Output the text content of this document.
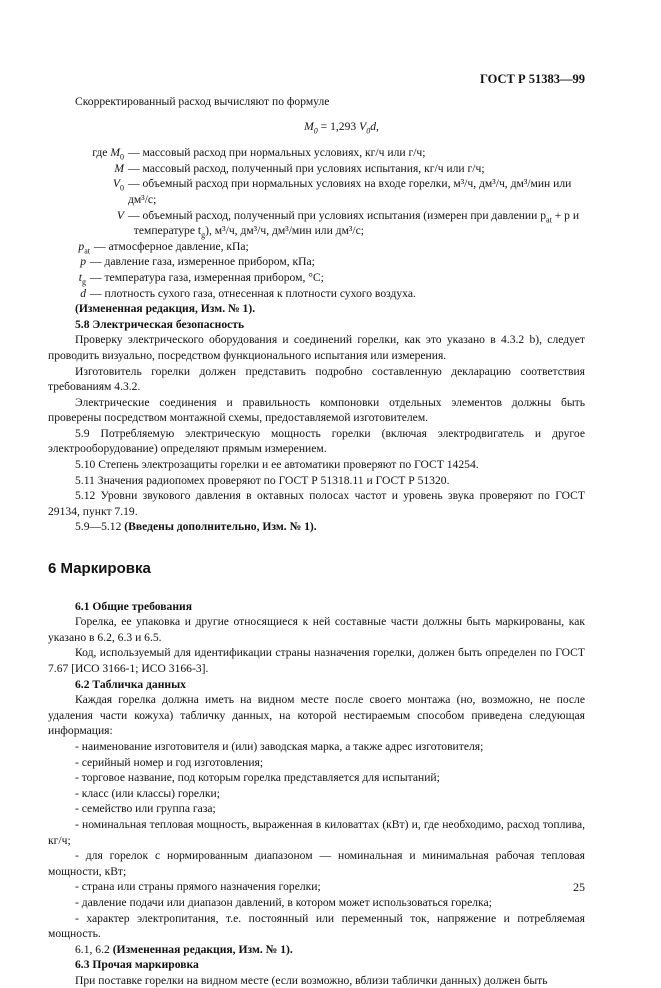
ГОСТ Р 51383—99

Скорректированный расход вычисляют по формуле

$M_0 = 1,293$ $V_0d$,
где $M_0$ — массовый расход при нормальных условиях, кг/ч или г/ч;
M — массовый расход, полученный при условиях испытания, кг/ч или г/ч;
$V_0$ — объемный расход при нормальных условиях на входе горелки, м³/ч, дм³/ч, дм³/мин или дм³/с;
V — объемный расход, полученный при условиях испытания (измерен при давлении $p_{at} + p$ и
температуре $t_g$), м³/ч, дм³/ч, дм³/мин или дм³/с;
$p_{at}$ — атмосферное давление, кПа;
p — давление газа, измеренное прибором, кПа;
$t_g$ — температура газа, измеренная прибором, °С;
d — плотность сухого газа, отнесенная к плотности сухого воздуха.

(Измененная редакция, Изм. № 1).

5.8 Электрическая безопасность

Проверку электрического оборудования и соединений горелки, как это указано в 4.3.2 b), следует проводить визуально, посредством функционального испытания или измерения.

Изготовитель горелки должен представить подробно составленную декларацию соответствия требованиям 4.3.2.

Электрические соединения и правильность компоновки отдельных элементов должны быть проверены посредством монтажной схемы, предоставляемой изготовителем.

5.9 Потребляемую электрическую мощность горелки (включая электродвигатель и другое электрооборудование) определяют прямым измерением.

5.10 Степень электрозащиты горелки и ее автоматики проверяют по ГОСТ 14254.

5.11 Значения радиопомех проверяют по ГОСТ Р 51318.11 и ГОСТ Р 51320.

5.12 Уровни звукового давления в октавных полосах частот и уровень звука проверяют по ГОСТ 29134, пункт 7.19.

5.9—5.12 (Введены дополнительно, Изм. № 1).

6 Маркировка

6.1 Общие требования

Горелка, ее упаковка и другие относящиеся к ней составные части должны быть маркированы, как указано в 6.2, 6.3 и 6.5.

Код, используемый для идентификации страны назначения горелки, должен быть определен по ГОСТ 7.67 [ИСО 3166-1; ИСО 3166-3].

6.2 Табличка данных

Каждая горелка должна иметь на видном месте после своего монтажа (но, возможно, не после удаления части кожуха) табличку данных, на которой нестираемым способом приведена следующая информация:

- наименование изготовителя и (или) заводская марка, а также адрес изготовителя;

- серийный номер и год изготовления;

- торговое название, под которым горелка представляется для испытаний;

- класс (или классы) горелки;

- семейство или группа газа;

- номинальная тепловая мощность, выраженная в киловаттах (кВт) и, где необходимо, расход топлива, кг/ч;

- для горелок с нормированным диапазоном — номинальная и минимальная рабочая тепловая мощности, кВт;

- страна или страны прямого назначения горелки;

- давление подачи или диапазон давлений, в котором может использоваться горелка;

- характер электропитания, т.е. постоянный или переменный ток, напряжение и потребляемая мощность.

6.1, 6.2 (Измененная редакция, Изм. № 1).

6.3 Прочая маркировка

При поставке горелки на видном месте (если возможно, вблизи таблички данных) должен быть

25
